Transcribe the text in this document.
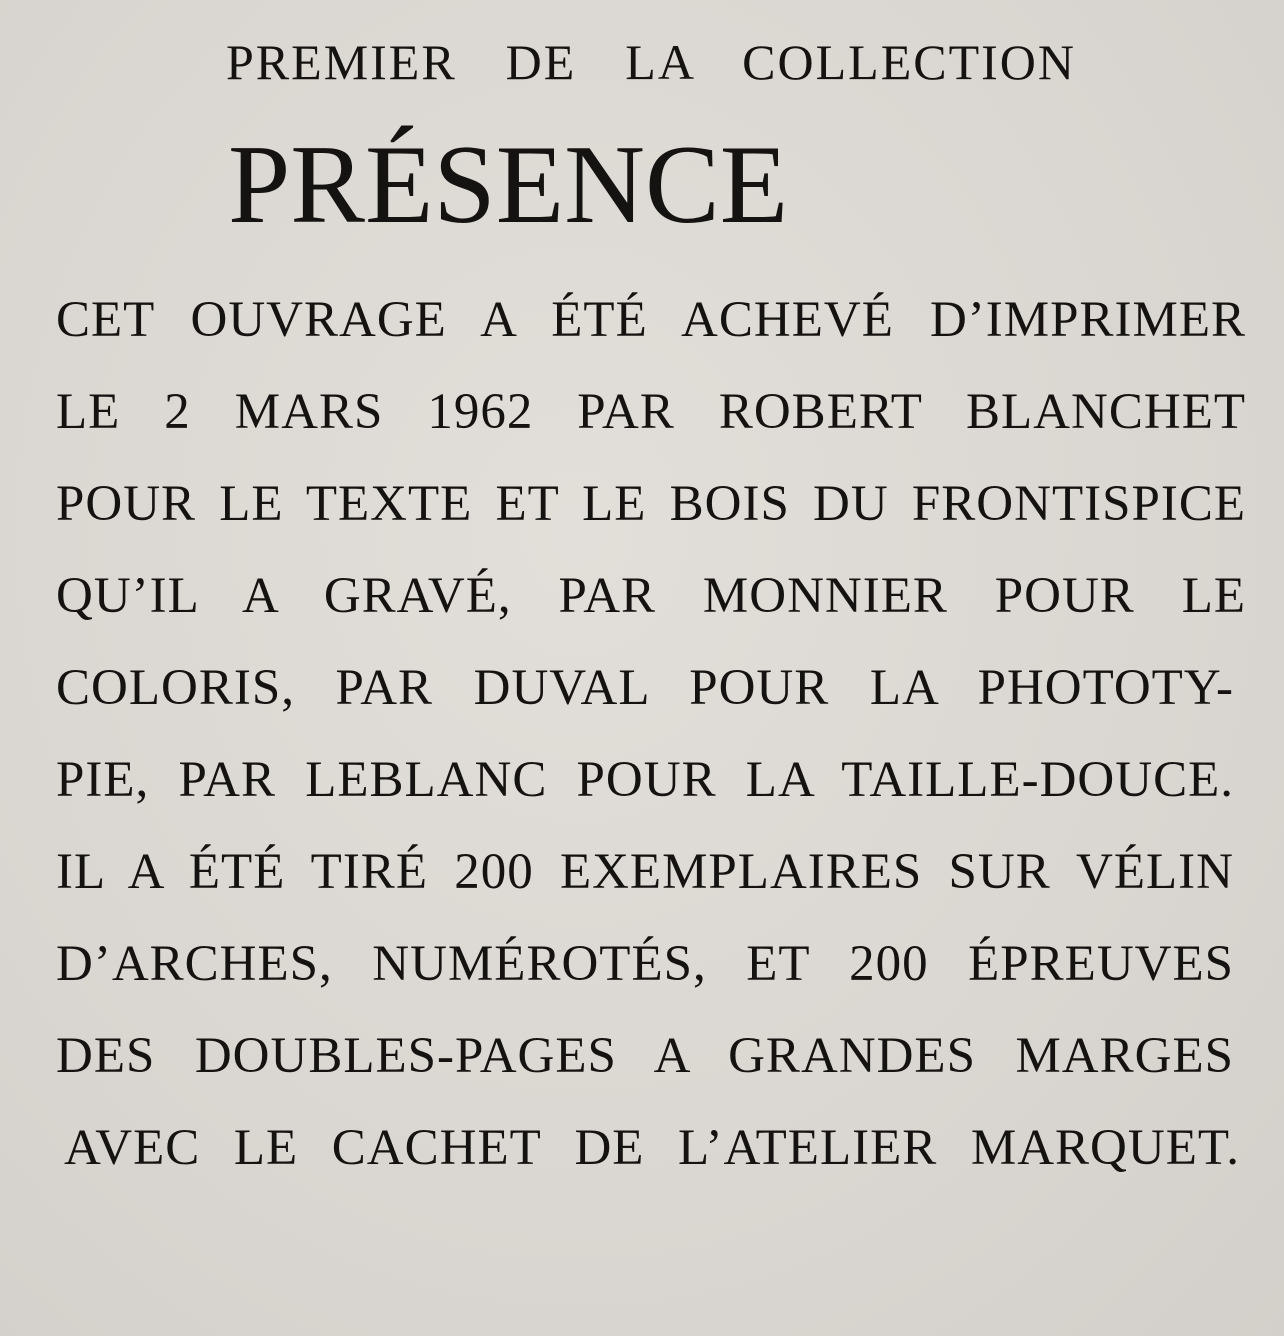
PREMIER DE LA COLLECTION
PRÉSENCE
CET OUVRAGE A ÉTÉ ACHEVÉ D’IMPRIMER
LE 2 MARS 1962 PAR ROBERT BLANCHET
POUR LE TEXTE ET LE BOIS DU FRONTISPICE
QU’IL A GRAVÉ, PAR MONNIER POUR LE
COLORIS, PAR DUVAL POUR LA PHOTOTY-
PIE, PAR LEBLANC POUR LA TAILLE-DOUCE.
IL A ÉTÉ TIRÉ 200 EXEMPLAIRES SUR VÉLIN
D’ARCHES, NUMÉROTÉS, ET 200 ÉPREUVES
DES DOUBLES-PAGES A GRANDES MARGES
AVEC LE CACHET DE L’ATELIER MARQUET.
